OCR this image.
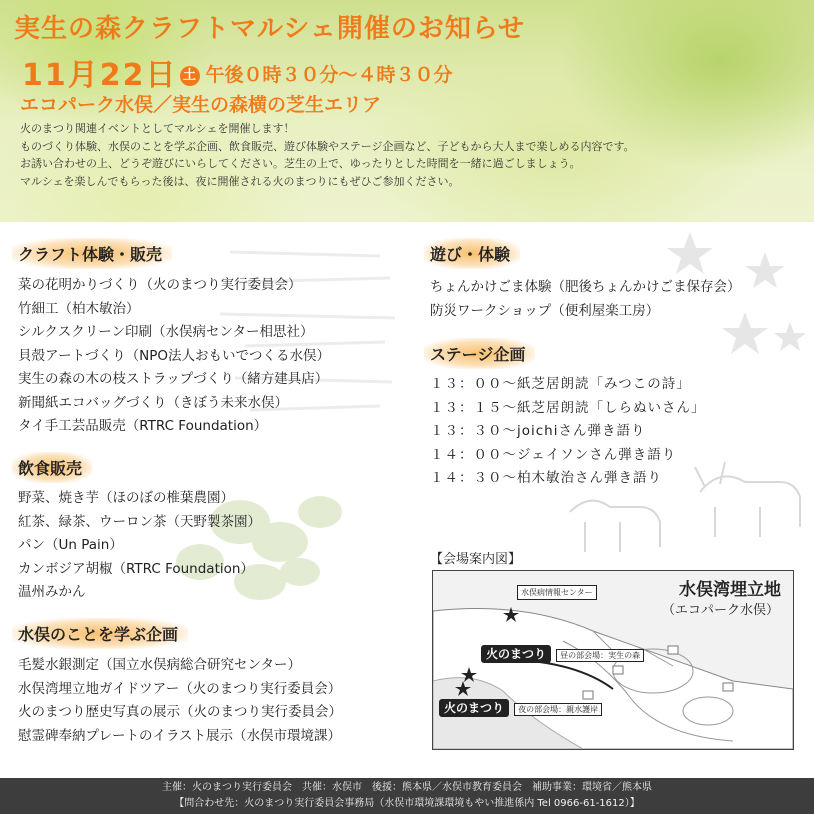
実生の森クラフトマルシェ開催のお知らせ
11月22日 土 午後０時３０分〜４時３０分
エコパーク水俣／実生の森横の芝生エリア
火のまつり関連イベントとしてマルシェを開催します！
ものづくり体験、水俣のことを学ぶ企画、飲食販売、遊び体験やステージ企画など、子どもから大人まで楽しめる内容です。
お誘い合わせの上、どうぞ遊びにいらしてください。芝生の上で、ゆったりとした時間を一緒に過ごしましょう。
マルシェを楽しんでもらった後は、夜に開催される火のまつりにもぜひご参加ください。
クラフト体験・販売
菜の花明かりづくり（火のまつり実行委員会）
竹細工（柏木敏治）
シルクスクリーン印刷（水俣病センター相思社）
貝殻アートづくり（NPO法人おもいでつくる水俣）
実生の森の木の枝ストラップづくり（緒方建具店）
新聞紙エコバッグづくり（きぼう未来水俣）
タイ手工芸品販売（RTRC Foundation）
飲食販売
野菜、焼き芋（ほのぼの椎葉農園）
紅茶、緑茶、ウーロン茶（天野製茶園）
パン（Un Pain）
カンボジア胡椒（RTRC Foundation）
温州みかん
水俣のことを学ぶ企画
毛髪水銀測定（国立水俣病総合研究センター）
水俣湾埋立地ガイドツアー（火のまつり実行委員会）
火のまつり歴史写真の展示（火のまつり実行委員会）
慰霊碑奉納プレートのイラスト展示（水俣市環境課）
遊び・体験
ちょんかけごま体験（肥後ちょんかけごま保存会）
防災ワークショップ（便利屋楽工房）
ステージ企画
１３：００〜紙芝居朗読「みつこの詩」
１３：１５〜紙芝居朗読「しらぬいさん」
１３：３０〜joichiさん弾き語り
１４：００〜ジェイソンさん弾き語り
１４：３０〜柏木敏治さん弾き語り
【会場案内図】
水俣湾埋立地
（エコパーク水俣）
水俣病情報センター
火のまつり 昼の部会場：実生の森
火のまつり 夜の部会場：親水護岸
主催：火のまつり実行委員会　共催：水俣市　後援：熊本県／水俣市教育委員会　補助事業：環境省／熊本県
【問合わせ先：火のまつり実行委員会事務局（水俣市環境課環境もやい推進係内 Tel 0966-61-1612）】
